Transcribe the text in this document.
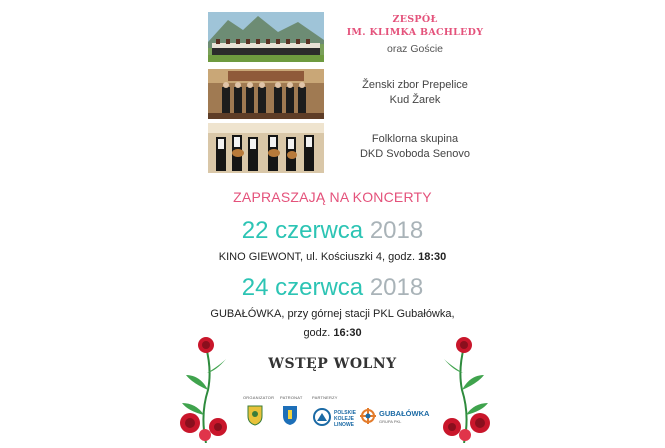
ZESPÓŁ
IM. KLIMKA BACHLEDY
oraz Goście
Ženski zbor Prepelice
Kud Žarek
Folklorna skupina
DKD Svoboda Senovo
ZAPRASZAJĄ NA KONCERTY
22 czerwca 2018
KINO GIEWONT, ul. Kościuszki 4, godz. 18:30
24 czerwca 2018
GUBAŁÓWKA, przy górnej stacji PKL Gubałówka,
godz. 16:30
WSTĘP WOLNY
ORGANIZATOR PATRONAT PARTNERZY
POLSKIE KOLEJE LINOWE
GUBAŁÓWKA
GRUPA PKL
